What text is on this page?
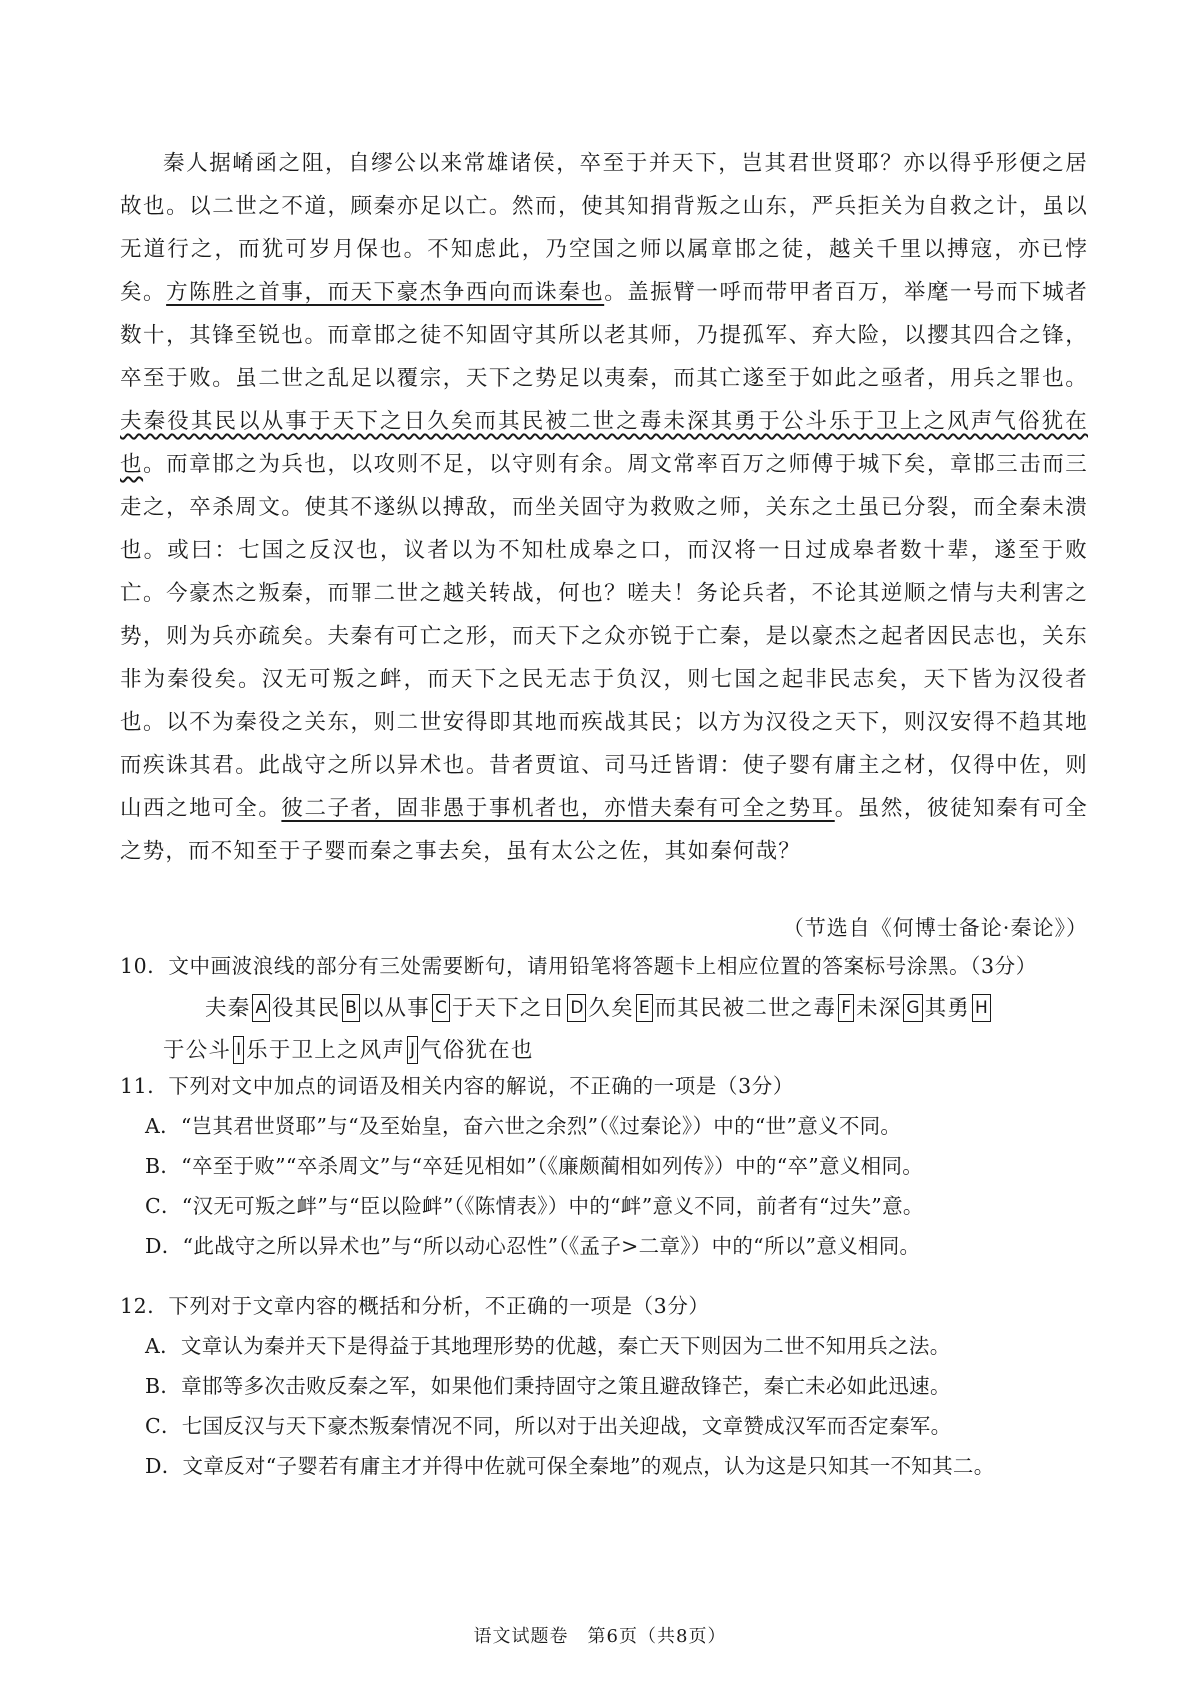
秦人据崤函之阻，自缪公以来常雄诸侯，卒至于并天下，岂其君世贤耶？亦以得乎形便之居故也。以二世之不道，顾秦亦足以亡。然而，使其知捐背叛之山东，严兵拒关为自救之计，虽以无道行之，而犹可岁月保也。不知虑此，乃空国之师以属章邯之徒，越关千里以搏寇，亦已悖矣。方陈胜之首事，而天下豪杰争西向而诛秦也。盖振臂一呼而带甲者百万，举麾一号而下城者数十，其锋至锐也。而章邯之徒不知固守其所以老其师，乃提孤军、弃大险，以撄其四合之锋，卒至于败。虽二世之乱足以覆宗，天下之势足以夷秦，而其亡遂至于如此之亟者，用兵之罪也。夫秦役其民以从事于天下之日久矣而其民被二世之毒未深其勇于公斗乐于卫上之风声气俗犹在也。而章邯之为兵也，以攻则不足，以守则有余。周文常率百万之师傅于城下矣，章邯三击而三走之，卒杀周文。使其不遂纵以搏敌，而坐关固守为救败之师，关东之土虽已分裂，而全秦未溃也。或曰：七国之反汉也，议者以为不知杜成皋之口，而汉将一日过成皋者数十辈，遂至于败亡。今豪杰之叛秦，而罪二世之越关转战，何也？嗟夫！务论兵者，不论其逆顺之情与夫利害之势，则为兵亦疏矣。夫秦有可亡之形，而天下之众亦锐于亡秦，是以豪杰之起者因民志也，关东非为秦役矣。汉无可叛之衅，而天下之民无志于负汉，则七国之起非民志矣，天下皆为汉役者也。以不为秦役之关东，则二世安得即其地而疾战其民；以方为汉役之天下，则汉安得不趋其地而疾诛其君。此战守之所以异术也。昔者贾谊、司马迁皆谓：使子婴有庸主之材，仅得中佐，则山西之地可全。彼二子者，固非愚于事机者也，亦惜夫秦有可全之势耳。虽然，彼徒知秦有可全之势，而不知至于子婴而秦之事去矣，虽有太公之佐，其如秦何哉？

（节选自《何博士备论·秦论》）
10．文中画波浪线的部分有三处需要断句，请用铅笔将答题卡上相应位置的答案标号涂黑。（3分）
夫秦 A 役其民 B 以从事 C 于天下之日 D 久矣 E 而其民被二世之毒 F 未深 G 其勇 H
于公斗 I 乐于卫上之风声 J 气俗犹在也
11．下列对文中加点的词语及相关内容的解说，不正确的一项是（3分）
A．“岂其君世贤耶”与“及至始皇，奋六世之余烈”（《过秦论》）中的“世”意义不同。
B．“卒至于败”“卒杀周文”与“卒廷见相如”（《廉颇蔺相如列传》）中的“卒”意义相同。
C．“汉无可叛之衅”与“臣以险衅”（《陈情表》）中的“衅”意义不同，前者有“过失”意。
12．下列对于文章内容的概括和分析，不正确的一项是（3分）
A．文章认为秦并天下是得益于其地理形势的优越，秦亡天下则因为二世不知用兵之法。
B．章邯等多次击败反秦之军，如果他们秉持固守之策且避敌锋芒，秦亡未必如此迅速。
C．七国反汉与天下豪杰叛秦情况不同，所以对于出关迎战，文章赞成汉军而否定秦军。
D．文章反对“子婴若有庸主才并得中佐就可保全秦地”的观点，认为这是只知其一不知其二。
语文试题卷　第6页（共8页）
D．“此战守之所以异术也”与“所以动心忍性”（《孟子>二章》）中的“所以”意义相同。
